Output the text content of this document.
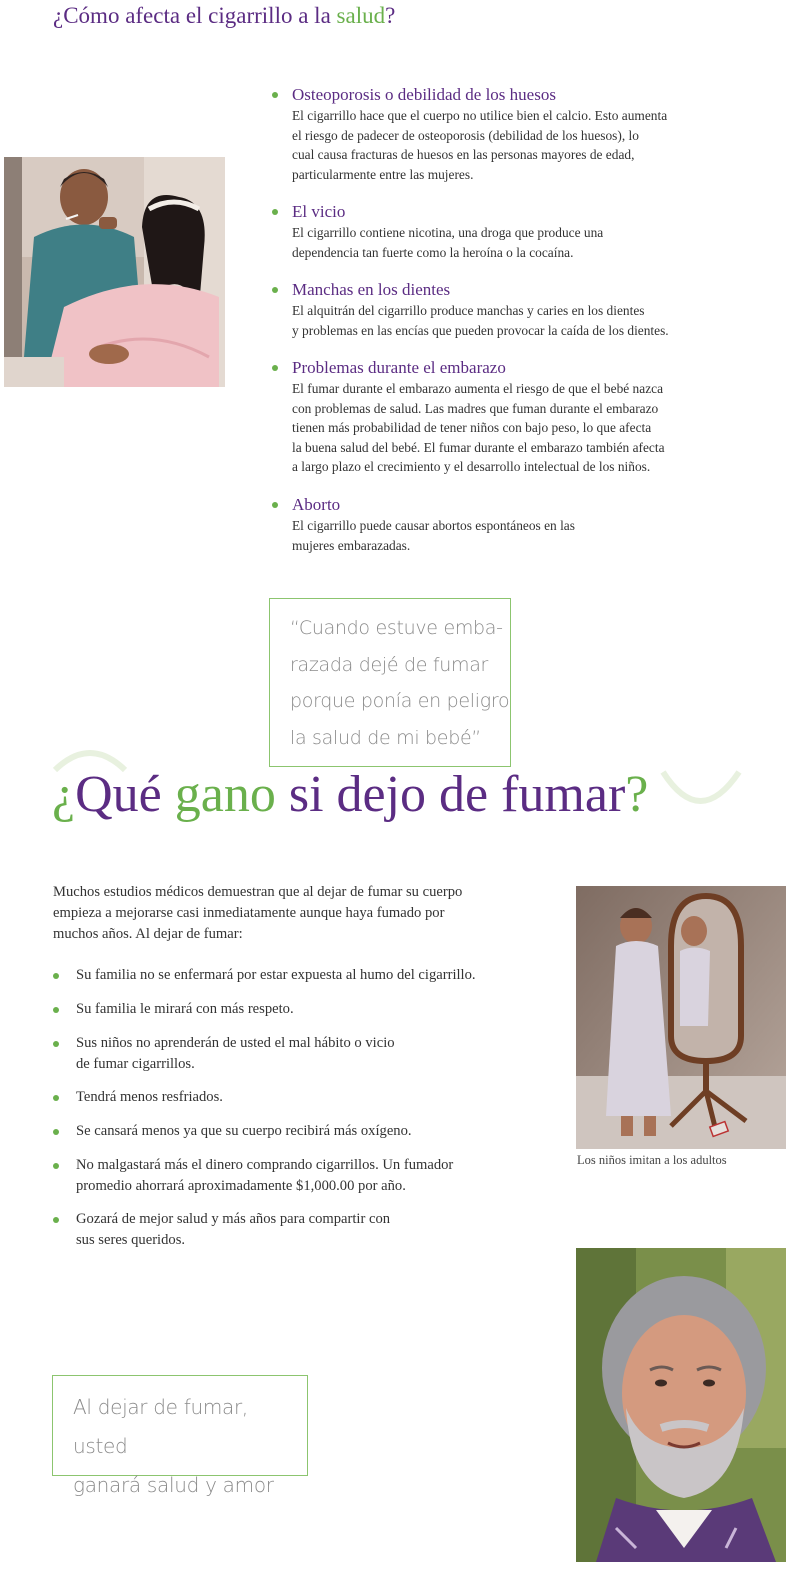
¿Cómo afecta el cigarrillo a la salud?
Osteoporosis o debilidad de los huesos
El cigarrillo hace que el cuerpo no utilice bien el calcio. Esto aumenta
el riesgo de padecer de osteoporosis (debilidad de los huesos), lo
cual causa fracturas de huesos en las personas mayores de edad,
particularmente entre las mujeres.
El vicio
El cigarrillo contiene nicotina, una droga que produce una
dependencia tan fuerte como la heroína o la cocaína.
Manchas en los dientes
El alquitrán del cigarrillo produce manchas y caries en los dientes
y problemas en las encías que pueden provocar la caída de los dientes.
Problemas durante el embarazo
El fumar durante el embarazo aumenta el riesgo de que el bebé nazca
con problemas de salud. Las madres que fuman durante el embarazo
tienen más probabilidad de tener niños con bajo peso, lo que afecta
la buena salud del bebé. El fumar durante el embarazo también afecta
a largo plazo el crecimiento y el desarrollo intelectual de los niños.
Aborto
El cigarrillo puede causar abortos espontáneos en las
mujeres embarazadas.
“Cuando estuve emba-
razada dejé de fumar
porque ponía en peligro
la salud de mi bebé”
¿Qué gano si dejo de fumar?
Muchos estudios médicos demuestran que al dejar de fumar su cuerpo
empieza a mejorarse casi inmediatamente aunque haya fumado por
muchos años. Al dejar de fumar:
Su familia no se enfermará por estar expuesta al humo del cigarrillo.
Su familia le mirará con más respeto.
Sus niños no aprenderán de usted el mal hábito o vicio
de fumar cigarrillos.
Tendrá menos resfriados.
Se cansará menos ya que su cuerpo recibirá más oxígeno.
No malgastará más el dinero comprando cigarrillos. Un fumador
promedio ahorrará aproximadamente $1,000.00 por año.
Gozará de mejor salud y más años para compartir con
sus seres queridos.
Los niños imitan a los adultos
Al dejar de fumar, usted
ganará salud y amor
